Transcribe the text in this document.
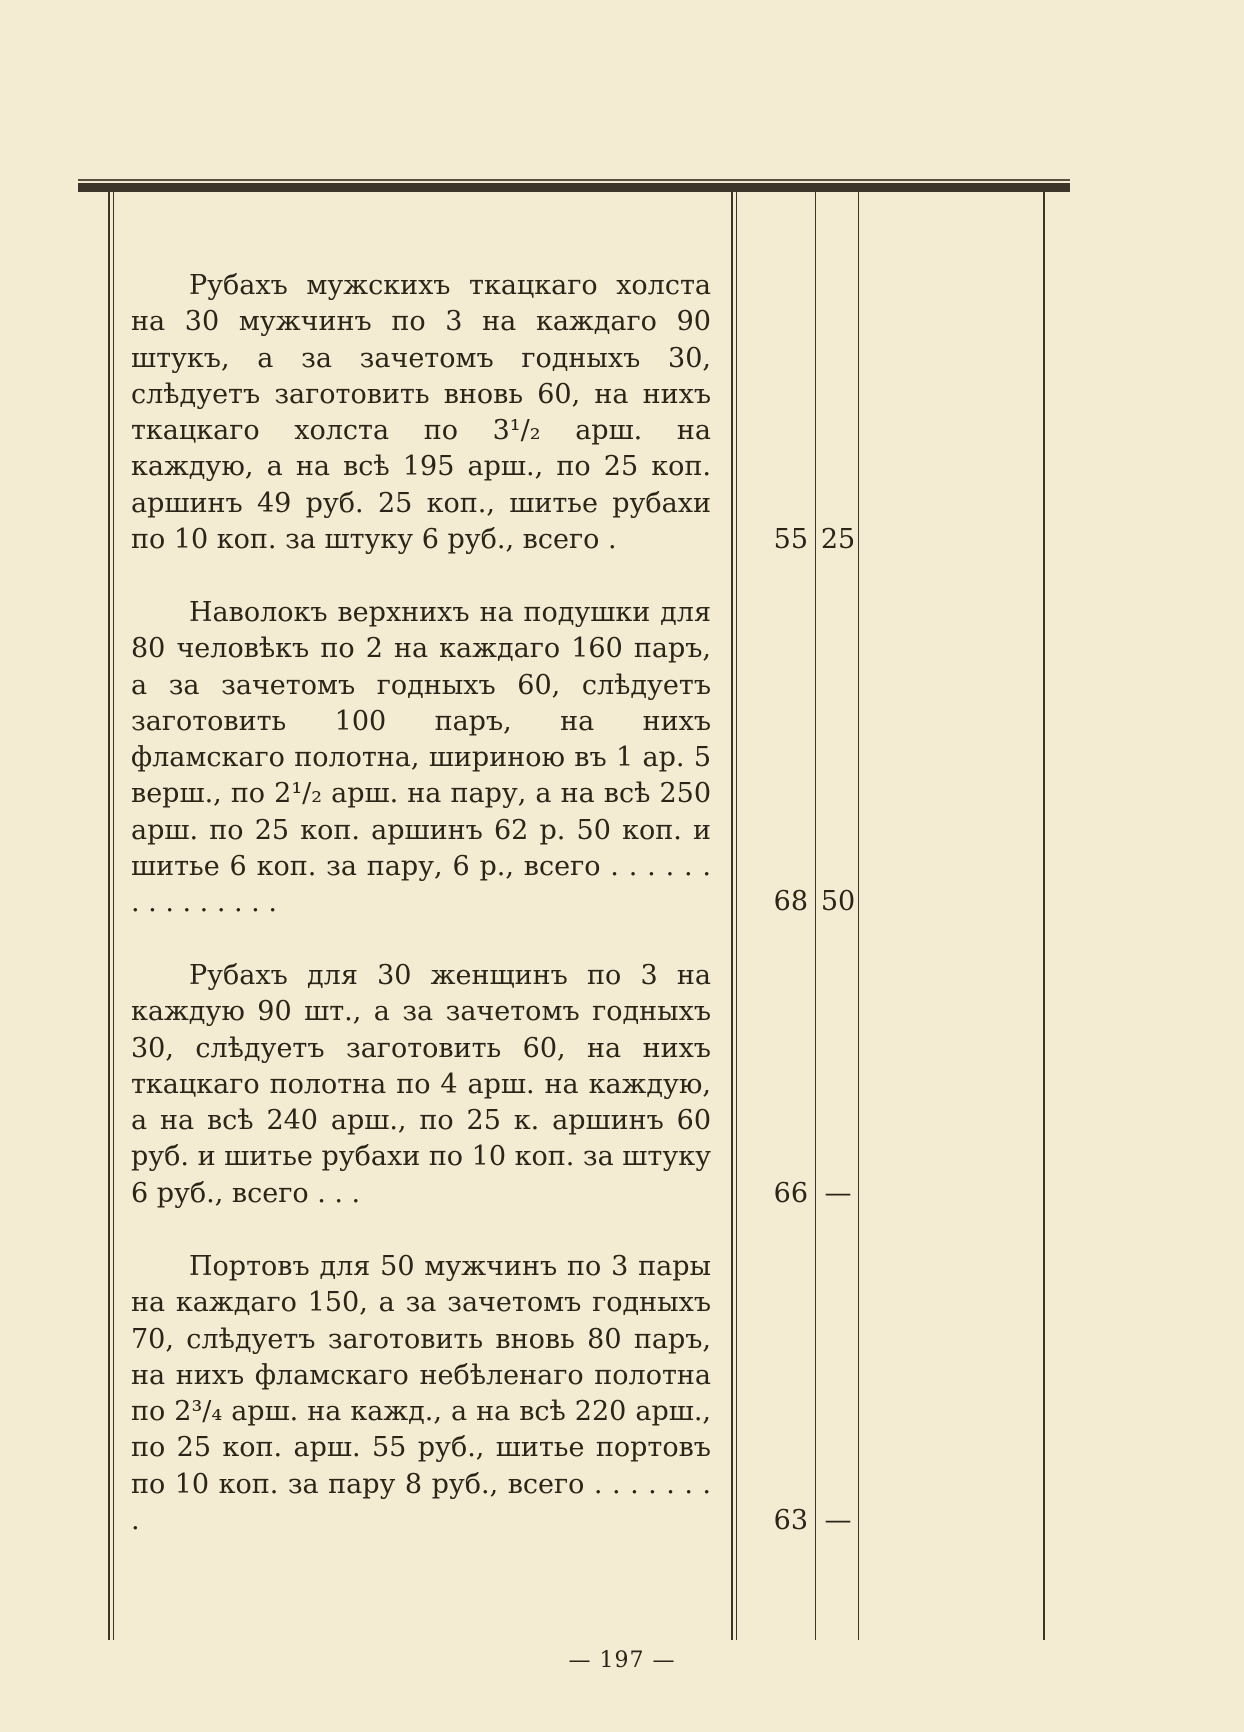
Рубахъ мужскихъ ткацкаго холста на 30 мужчинъ по 3 на каждаго 90 штукъ, а за зачетомъ годныхъ 30, слѣдуетъ заготовить вновь 60, на нихъ ткацкаго холста по 3¹/₂ арш. на каждую, а на всѣ 195 арш., по 25 коп. аршинъ 49 руб. 25 коп., шитье рубахи по 10 коп. за штуку 6 руб., всего .	55 25

Наволокъ верхнихъ на подушки для 80 человѣкъ по 2 на каждаго 160 паръ, а за зачетомъ годныхъ 60, слѣдуетъ заготовить 100 паръ, на нихъ фламскаго полотна, шириною въ 1 ар. 5 верш., по 2¹/₂ арш. на пару, а на всѣ 250 арш. по 25 коп. аршинъ 62 р. 50 коп. и шитье 6 коп. за пару, 6 р., всего . . . . . . . . . . . . . . .	68 50

Рубахъ для 30 женщинъ по 3 на каждую 90 шт., а за зачетомъ годныхъ 30, слѣдуетъ заготовить 60, на нихъ ткацкаго полотна по 4 арш. на каждую, а на всѣ 240 арш., по 25 к. аршинъ 60 руб. и шитье рубахи по 10 коп. за штуку 6 руб., всего . . .	66 —

Портовъ для 50 мужчинъ по 3 пары на каждаго 150, а за зачетомъ годныхъ 70, слѣдуетъ заготовить вновь 80 паръ, на нихъ фламскаго небѣленаго полотна по 2³/₄ арш. на кажд., а на всѣ 220 арш., по 25 коп. арш. 55 руб., шитье портовъ по 10 коп. за пару 8 руб., всего . . . . . . . .	63 —
— 197 —
